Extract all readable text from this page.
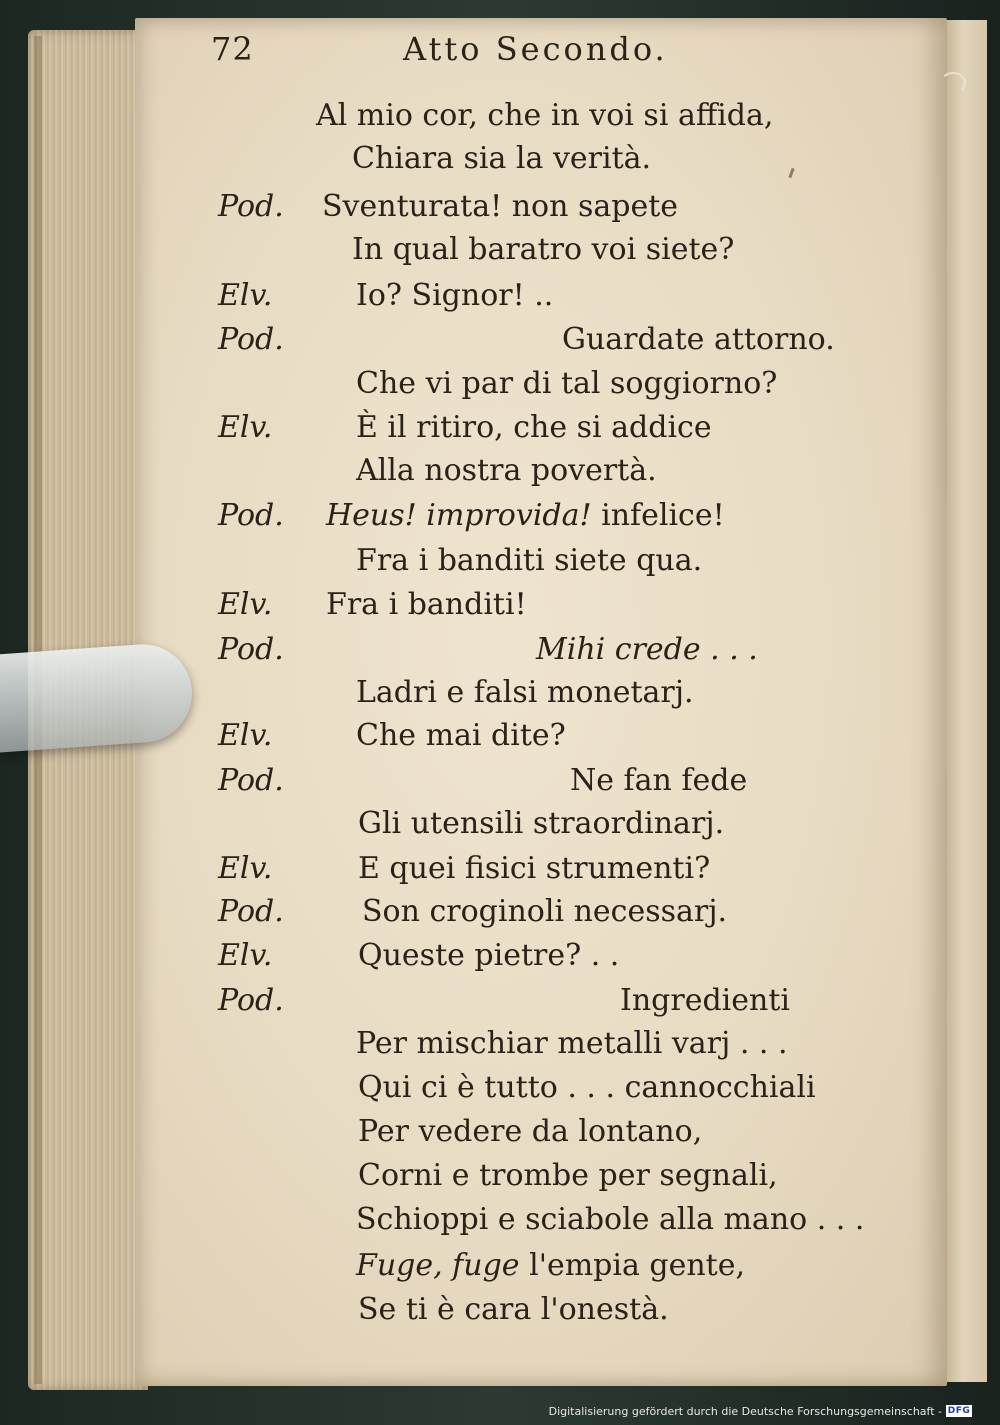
72	Atto Secondo.
Al mio cor, che in voi si affida,
Chiara sia la verità.
Pod. Sventurata! non sapete
In qual baratro voi siete?
Elv.	Io? Signor! ..
Pod.	Guardate attorno.
Che vi par di tal soggiorno?
Elv.	È il ritiro, che si addice
Alla nostra povertà.
Pod. Heus! improvida! infelice!
Fra i banditi siete qua.
Elv. Fra i banditi!
Pod.	Mihi crede . . .
Ladri e falsi monetarj.
Elv.	Che mai dite?
Pod.	Ne fan fede
Gli utensili straordinarj.
Elv.	E quei fisici strumenti?
Pod.	Son croginoli necessarj.
Elv.	Queste pietre? . .
Pod.	Ingredienti
Per mischiar metalli varj . . .
Qui ci è tutto . . . cannocchiali
Per vedere da lontano,
Corni e trombe per segnali,
Schioppi e sciabole alla mano . . .
Fuge, fuge l'empia gente,
Se ti è cara l'onestà.
Digitalisierung gefördert durch die Deutsche Forschungsgemeinschaft - DFG
